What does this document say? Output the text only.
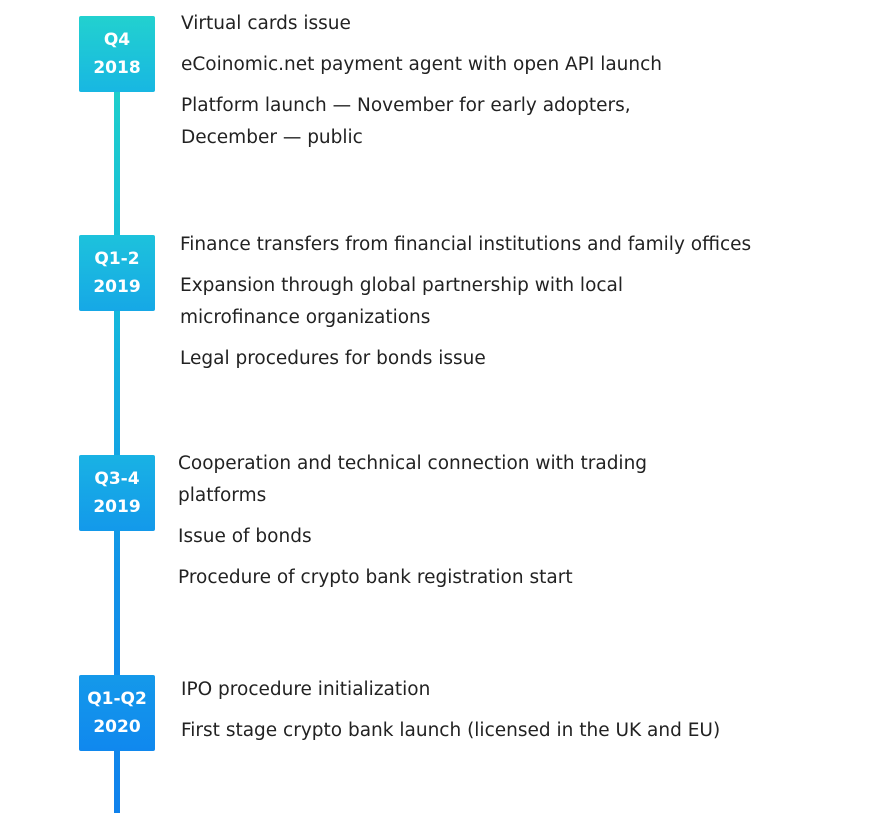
Q4
2018
Virtual cards issue
eCoinomic.net payment agent with open API launch
Platform launch — November for early adopters, December — public
Q1-2
2019
Finance transfers from financial institutions and family offices
Expansion through global partnership with local microfinance organizations
Legal procedures for bonds issue
Q3-4
2019
Cooperation and technical connection with trading platforms
Issue of bonds
Procedure of crypto bank registration start
Q1-Q2
2020
IPO procedure initialization
First stage crypto bank launch (licensed in the UK and EU)
